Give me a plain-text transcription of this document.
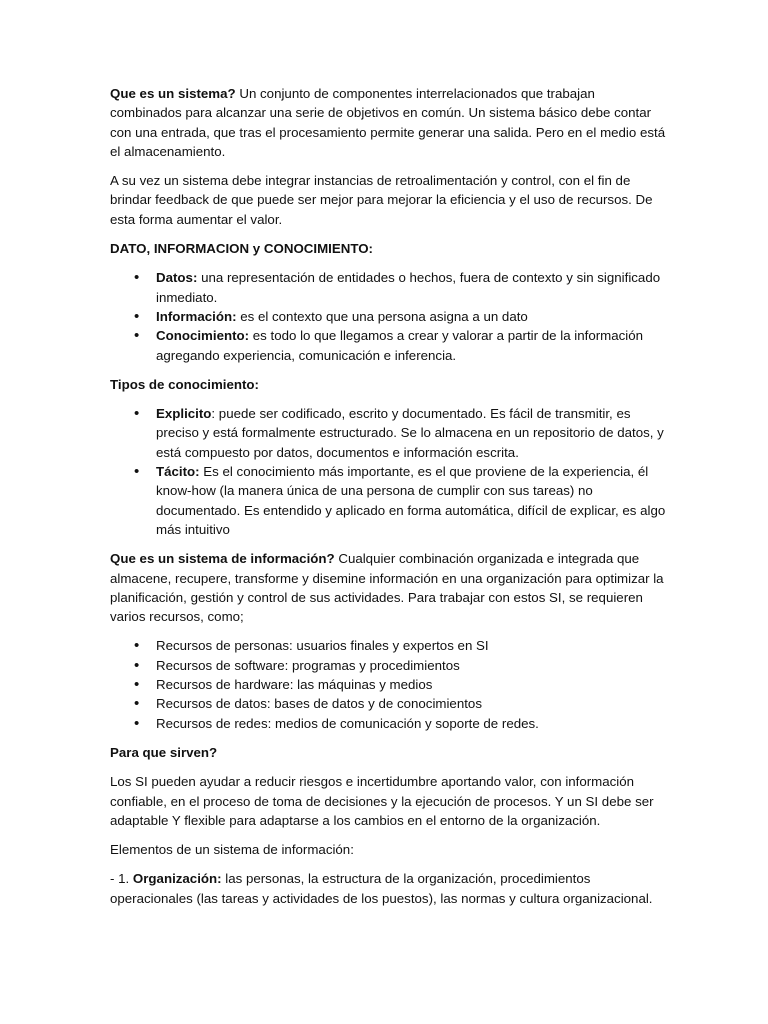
Que es un sistema? Un conjunto de componentes interrelacionados que trabajan combinados para alcanzar una serie de objetivos en común. Un sistema básico debe contar con una entrada, que tras el procesamiento permite generar una salida. Pero en el medio está el almacenamiento.

A su vez un sistema debe integrar instancias de retroalimentación y control, con el fin de brindar feedback de que puede ser mejor para mejorar la eficiencia y el uso de recursos. De esta forma aumentar el valor.

DATO, INFORMACION y CONOCIMIENTO:

• Datos: una representación de entidades o hechos, fuera de contexto y sin significado inmediato.
• Información: es el contexto que una persona asigna a un dato
• Conocimiento: es todo lo que llegamos a crear y valorar a partir de la información agregando experiencia, comunicación e inferencia.

Tipos de conocimiento:

• Explicito: puede ser codificado, escrito y documentado. Es fácil de transmitir, es preciso y está formalmente estructurado. Se lo almacena en un repositorio de datos, y está compuesto por datos, documentos e información escrita.
• Tácito: Es el conocimiento más importante, es el que proviene de la experiencia, él know-how (la manera única de una persona de cumplir con sus tareas) no documentado. Es entendido y aplicado en forma automática, difícil de explicar, es algo más intuitivo

Que es un sistema de información? Cualquier combinación organizada e integrada que almacene, recupere, transforme y disemine información en una organización para optimizar la planificación, gestión y control de sus actividades. Para trabajar con estos SI, se requieren varios recursos, como;

• Recursos de personas: usuarios finales y expertos en SI
• Recursos de software: programas y procedimientos
• Recursos de hardware: las máquinas y medios
• Recursos de datos: bases de datos y de conocimientos
• Recursos de redes: medios de comunicación y soporte de redes.

Para que sirven?

Los SI pueden ayudar a reducir riesgos e incertidumbre aportando valor, con información confiable, en el proceso de toma de decisiones y la ejecución de procesos. Y un SI debe ser adaptable Y flexible para adaptarse a los cambios en el entorno de la organización.

Elementos de un sistema de información:

- 1. Organización: las personas, la estructura de la organización, procedimientos operacionales (las tareas y actividades de los puestos), las normas y cultura organizacional.
